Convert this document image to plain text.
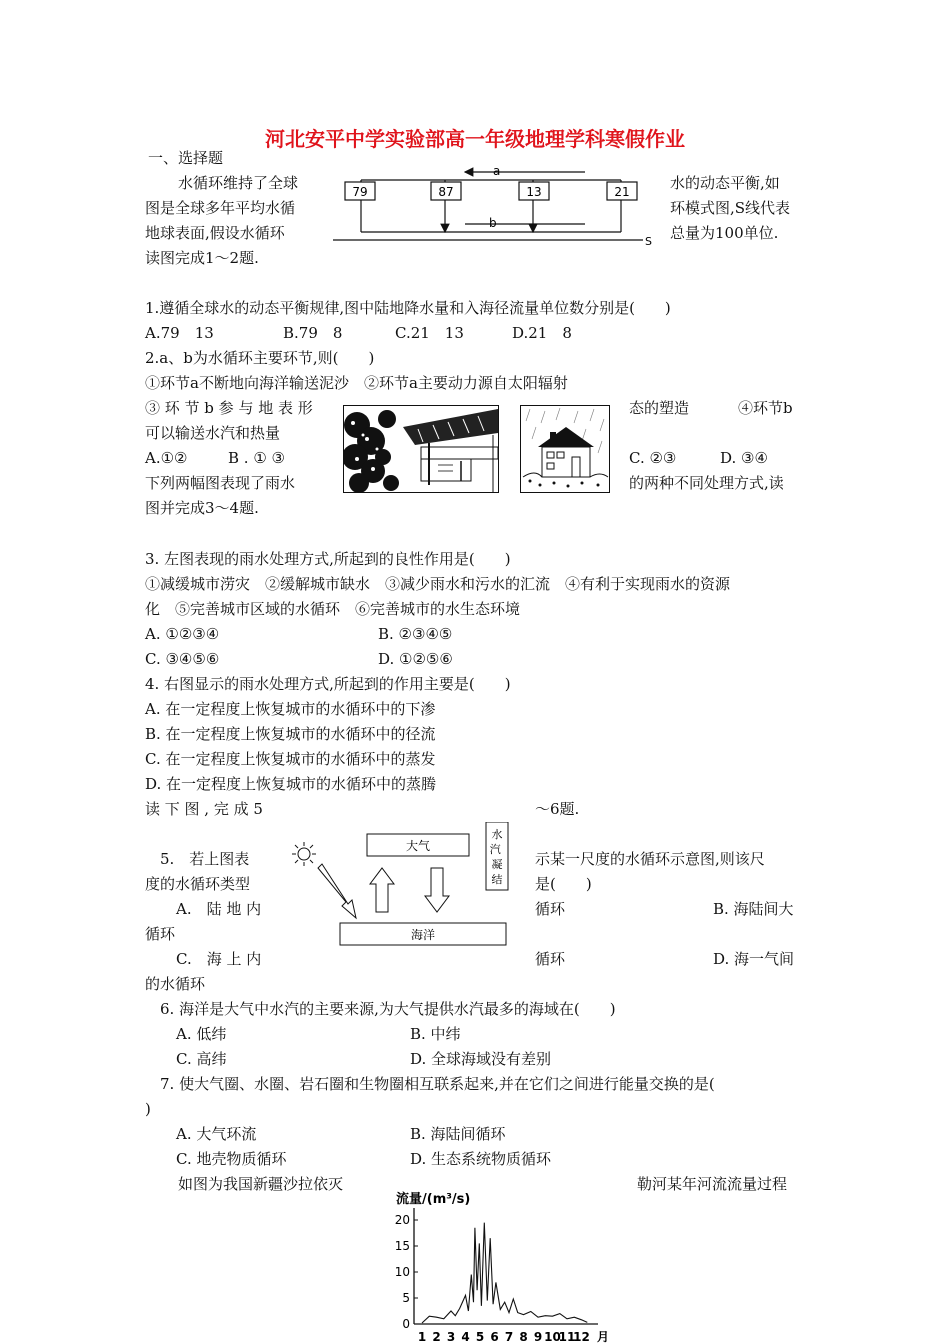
河北安平中学实验部高一年级地理学科寒假作业
一、选择题
水循环维持了全球
图是全球多年平均水循
地球表面,假设水循环
读图完成1～2题.
水的动态平衡,如
环模式图,S线代表
总量为100单位.
79	87	13	21
a
b
S
1.遵循全球水的动态平衡规律,图中陆地降水量和入海径流量单位数分别是(　　)
A.79　13	B.79　8	C.21　13	D.21　8
2.a、b为水循环主要环节,则(　　)
①环节a不断地向海洋输送泥沙　②环节a主要动力源自太阳辐射
③ 环 节 b 参 与 地 表 形	态的塑造	④环节b
可以输送水汽和热量
A.①②	B . ① ③	C. ②③	D. ③④
下列两幅图表现了雨水	的两种不同处理方式,读
图并完成3～4题.
3. 左图表现的雨水处理方式,所起到的良性作用是(　　)
①减缓城市涝灾　②缓解城市缺水　③减少雨水和污水的汇流　④有利于实现雨水的资源
化　⑤完善城市区域的水循环　⑥完善城市的水生态环境
A. ①②③④	B. ②③④⑤
C. ③④⑤⑥	D. ①②⑤⑥
4. 右图显示的雨水处理方式,所起到的作用主要是(　　)
A. 在一定程度上恢复城市的水循环中的下渗
B. 在一定程度上恢复城市的水循环中的径流
C. 在一定程度上恢复城市的水循环中的蒸发
D. 在一定程度上恢复城市的水循环中的蒸腾
读 下 图 , 完 成 5	～6题.
大气
海洋
水汽 凝结
5.　若上图表	示某一尺度的水循环示意图,则该尺
度的水循环类型	是(　　)
A.　陆 地 内	循环	B. 海陆间大
循环
C.　海 上 内	循环	D. 海一气间
的水循环
6. 海洋是大气中水汽的主要来源,为大气提供水汽最多的海域在(　　)
A. 低纬	B. 中纬
C. 高纬	D. 全球海域没有差别
7. 使大气圈、水圈、岩石圈和生物圈相互联系起来,并在它们之间进行能量交换的是(
)
A. 大气环流	B. 海陆间循环
C. 地壳物质循环	D. 生态系统物质循环
如图为我国新疆沙拉依灭	勒河某年河流流量过程
流量/(m³/s)
20
15
10
5
0
1 2 3 4 5 6 7 8 9 10
11
12 月
